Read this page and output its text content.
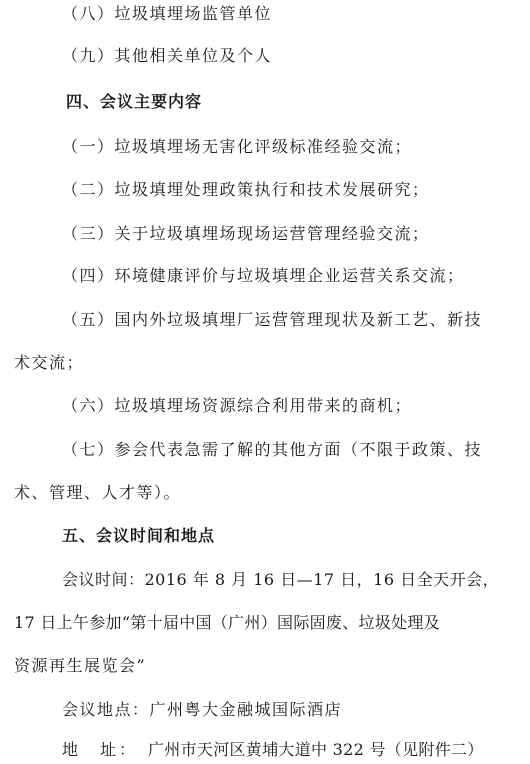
（八）垃圾填埋场监管单位
（九）其他相关单位及个人
四、会议主要内容
（一）垃圾填埋场无害化评级标准经验交流；
（二）垃圾填埋处理政策执行和技术发展研究；
（三）关于垃圾填埋场现场运营管理经验交流；
（四）环境健康评价与垃圾填埋企业运营关系交流；
（五）国内外垃圾填埋厂运营管理现状及新工艺、新技
术交流；
（六）垃圾填埋场资源综合利用带来的商机；
（七）参会代表急需了解的其他方面（不限于政策、技
术、管理、人才等）。
五、会议时间和地点
会议时间：2016 年 8 月 16 日—17 日，16 日全天开会，
17 日上午参加“第十届中国（广州）国际固废、垃圾处理及
资源再生展览会”
会议地点：广州粤大金融城国际酒店
地　址： 广州市天河区黄埔大道中 322 号（见附件二）
